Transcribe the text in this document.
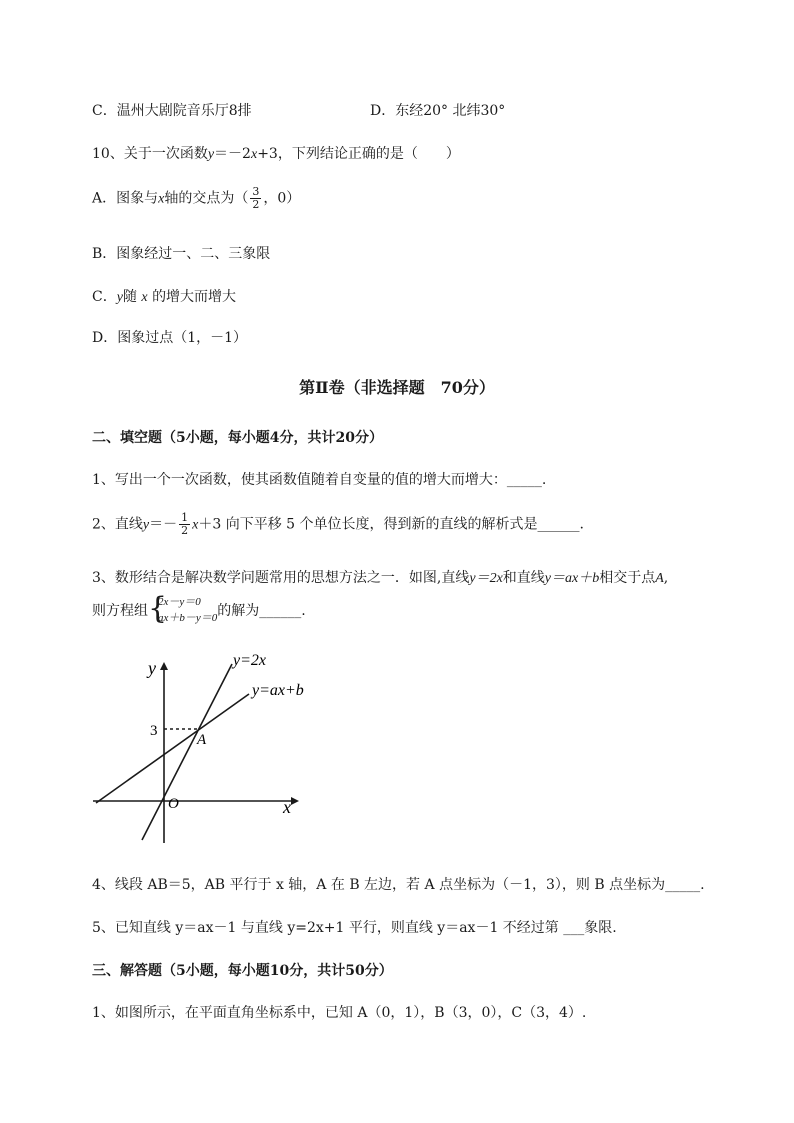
C．温州大剧院音乐厅8排	D．东经20° 北纬30°
10、关于一次函数y＝－2x+3，下列结论正确的是（　　）
A．图象与x轴的交点为（ $\frac{3}{2}$ ，0）
B．图象经过一、二、三象限
C．y随 x 的增大而增大
D．图象过点（1，－1）
第Ⅱ卷（非选择题　70分）
二、填空题（5小题，每小题4分，共计20分）
1、写出一个一次函数，使其函数值随着自变量的值的增大而增大：_____.
2、直线$y=- \frac{1}{2} x+3$ 向下平移 5 个单位长度，得到新的直线的解析式是______.
3、数形结合是解决数学问题常用的思想方法之一．如图,直线y＝2x和直线y＝ax＋b相交于点A,
则方程组
{ 2x－y＝0
ax＋b－y＝0 的解为______.
y
x
O
3
A
y=2x
y=ax+b
4、线段 AB＝5，AB 平行于 x 轴，A 在 B 左边，若 A 点坐标为（－1，3），则 B 点坐标为_____.
5、已知直线 y＝ax－1 与直线 y=2x+1 平行，则直线 y＝ax－1 不经过第 ___象限.
三、解答题（5小题，每小题10分，共计50分）
1、如图所示，在平面直角坐标系中，已知 A（0，1），B（3，0），C（3，4）.
